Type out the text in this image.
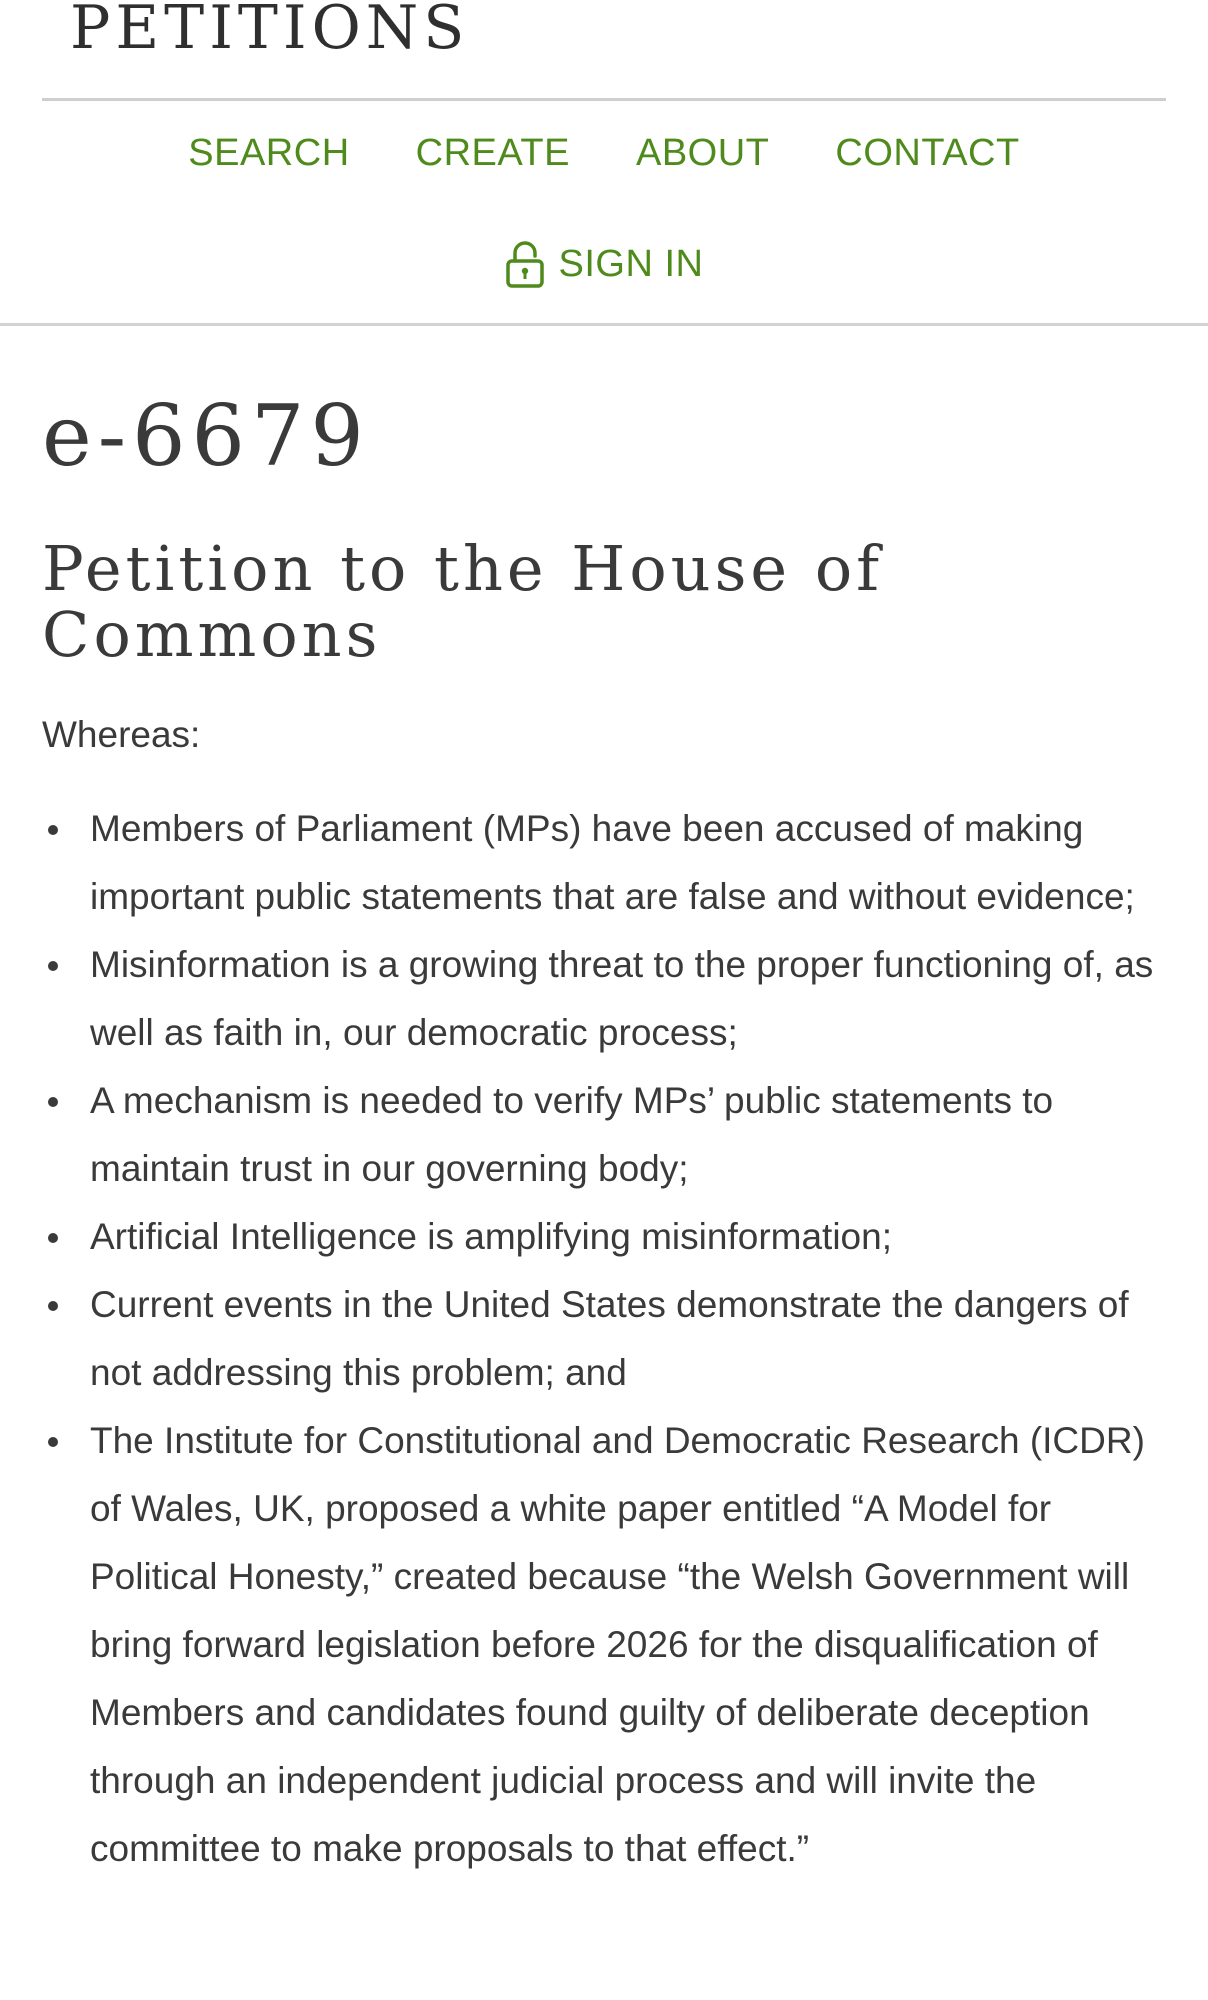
PETITIONS
SEARCH CREATE ABOUT CONTACT
SIGN IN
e-6679
Petition to the House of Commons

Whereas:

Members of Parliament (MPs) have been accused of making important public statements that are false and without evidence;
Misinformation is a growing threat to the proper functioning of, as well as faith in, our democratic process;
A mechanism is needed to verify MPs’ public statements to maintain trust in our governing body;
Artificial Intelligence is amplifying misinformation;
Current events in the United States demonstrate the dangers of not addressing this problem; and
The Institute for Constitutional and Democratic Research (ICDR) of Wales, UK, proposed a white paper entitled “A Model for Political Honesty,” created because “the Welsh Government will bring forward legislation before 2026 for the disqualification of Members and candidates found guilty of deliberate deception through an independent judicial process and will invite the committee to make proposals to that effect.”
